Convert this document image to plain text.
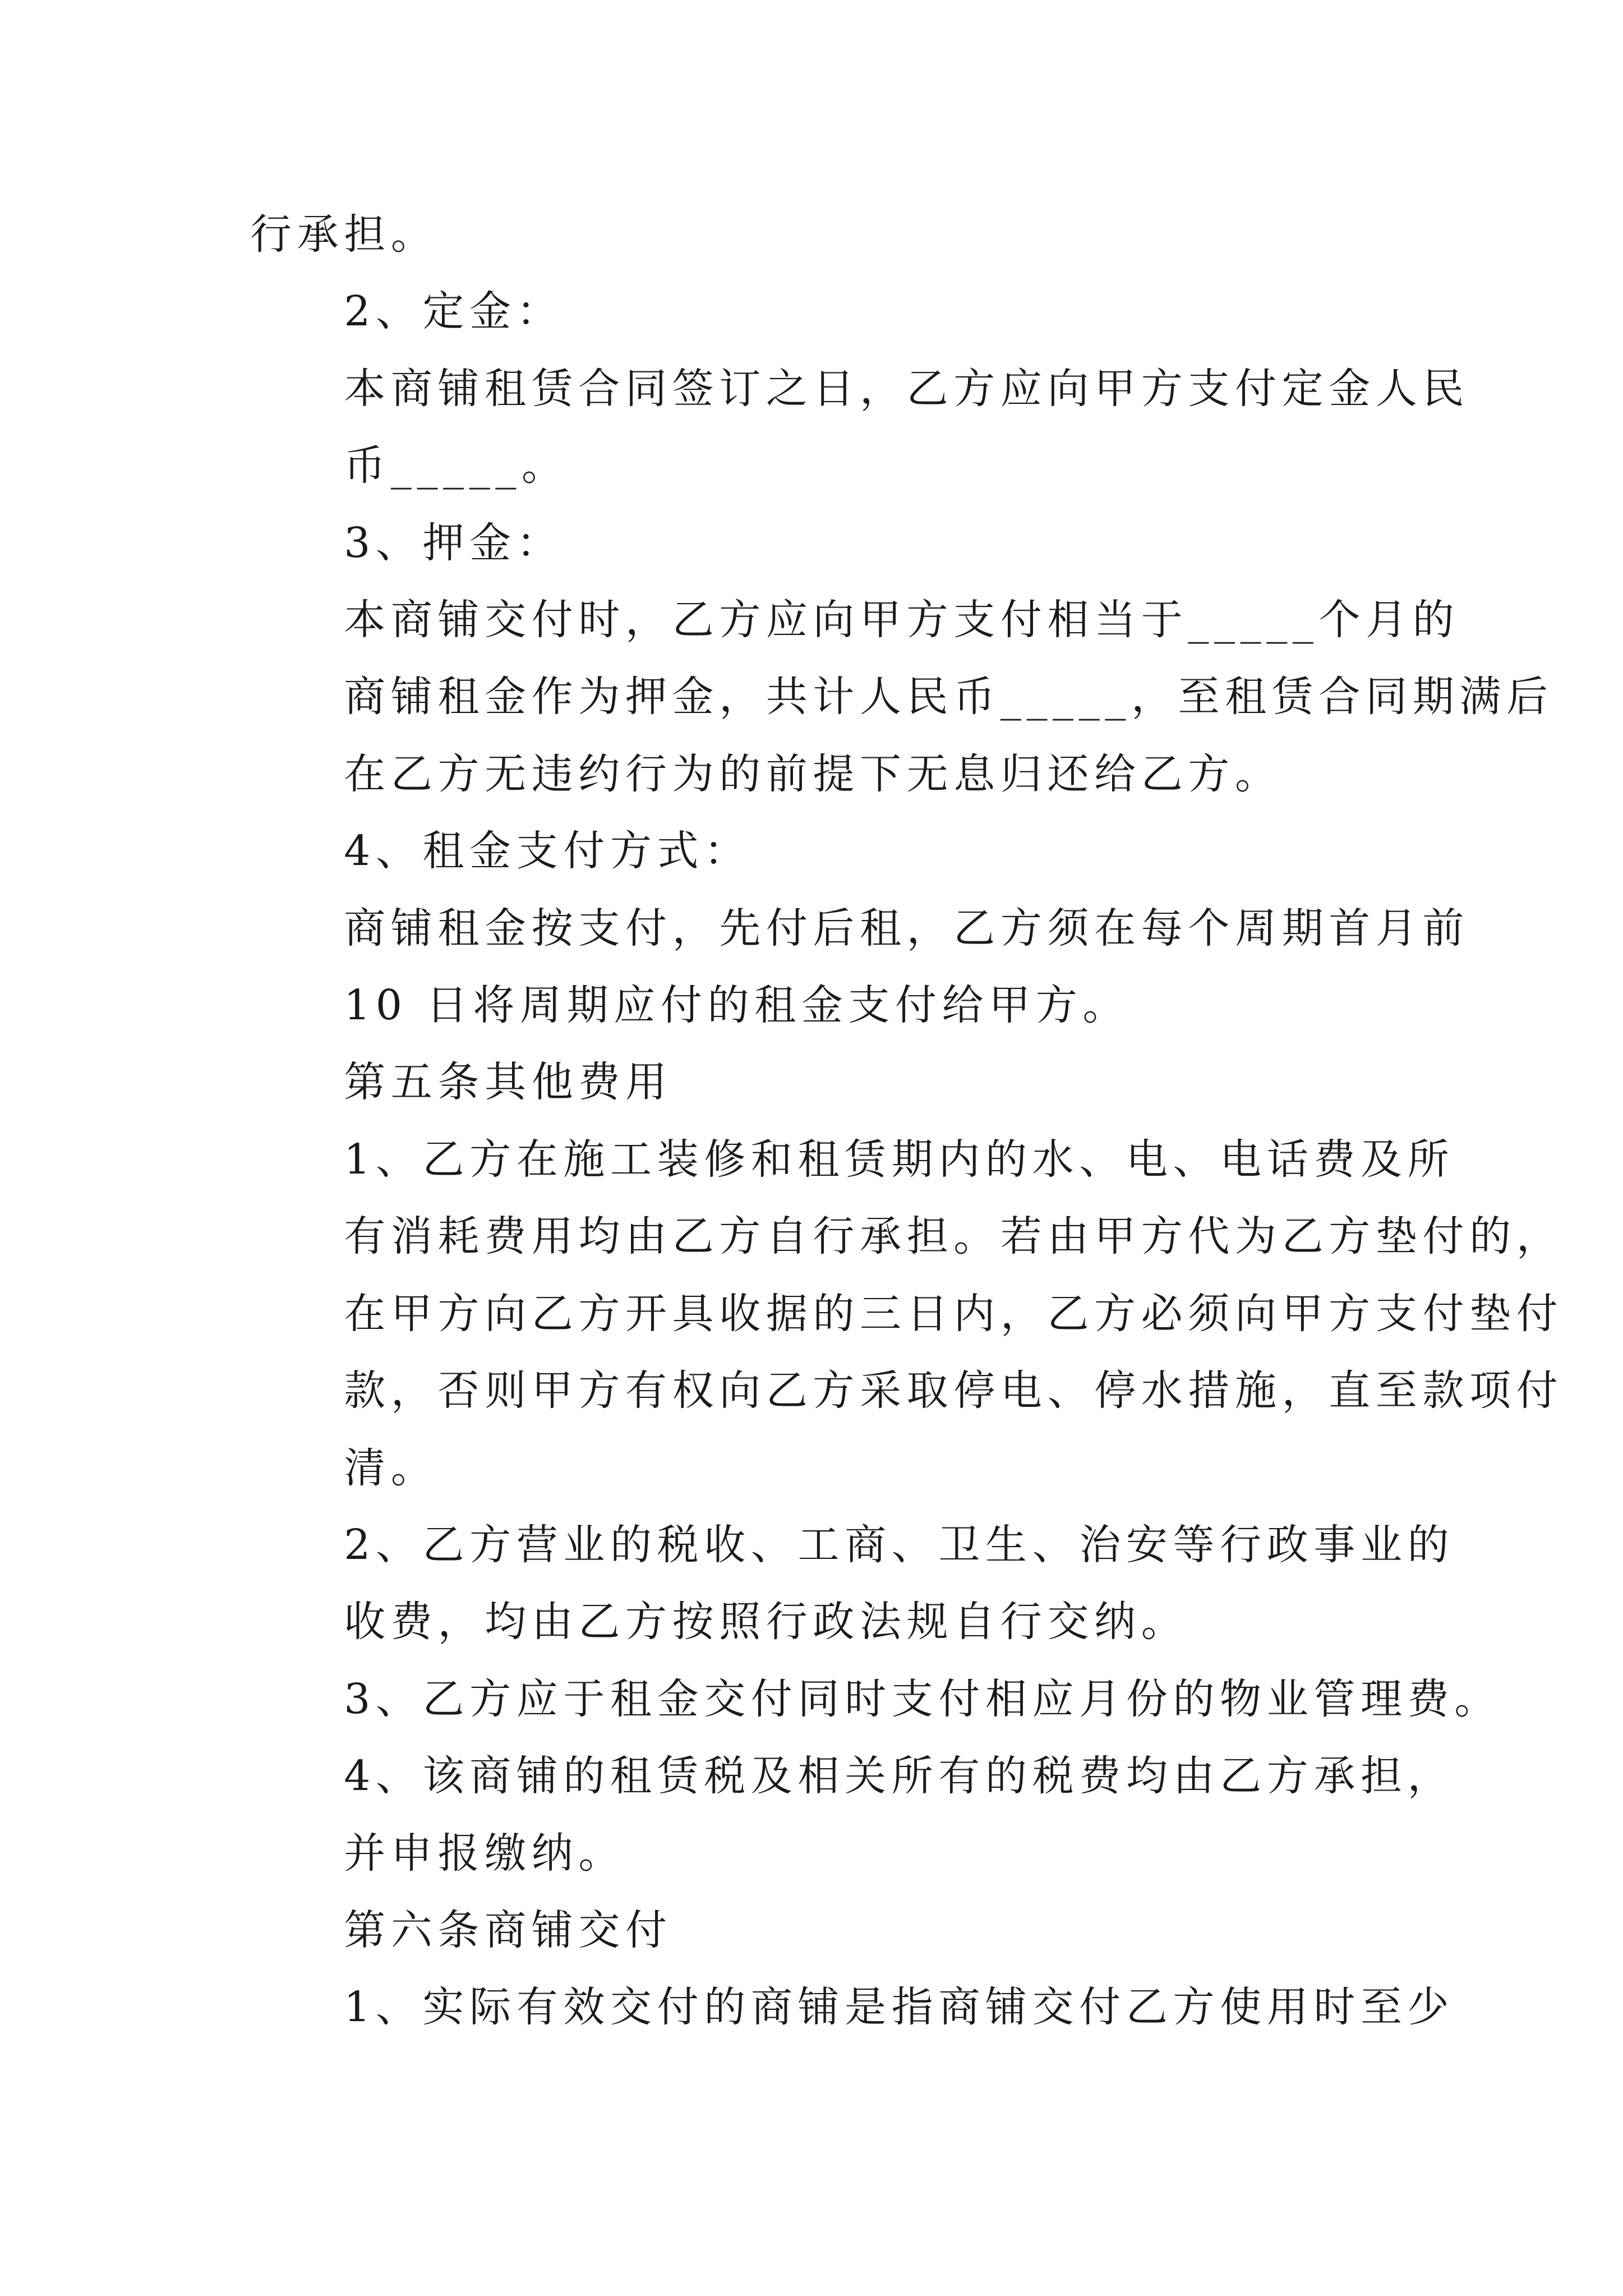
行承担。
2、定金：
本商铺租赁合同签订之日，乙方应向甲方支付定金人民
币_____。
3、押金：
本商铺交付时，乙方应向甲方支付相当于_____个月的
商铺租金作为押金，共计人民币_____，至租赁合同期满后
在乙方无违约行为的前提下无息归还给乙方。
4、租金支付方式：
商铺租金按支付，先付后租，乙方须在每个周期首月前
10 日将周期应付的租金支付给甲方。
第五条其他费用
1、乙方在施工装修和租赁期内的水、电、电话费及所
有消耗费用均由乙方自行承担。若由甲方代为乙方垫付的，
在甲方向乙方开具收据的三日内，乙方必须向甲方支付垫付
款，否则甲方有权向乙方采取停电、停水措施，直至款项付
清。
2、乙方营业的税收、工商、卫生、治安等行政事业的
收费，均由乙方按照行政法规自行交纳。
3、乙方应于租金交付同时支付相应月份的物业管理费。
4、该商铺的租赁税及相关所有的税费均由乙方承担，
并申报缴纳。
第六条商铺交付
1、实际有效交付的商铺是指商铺交付乙方使用时至少
